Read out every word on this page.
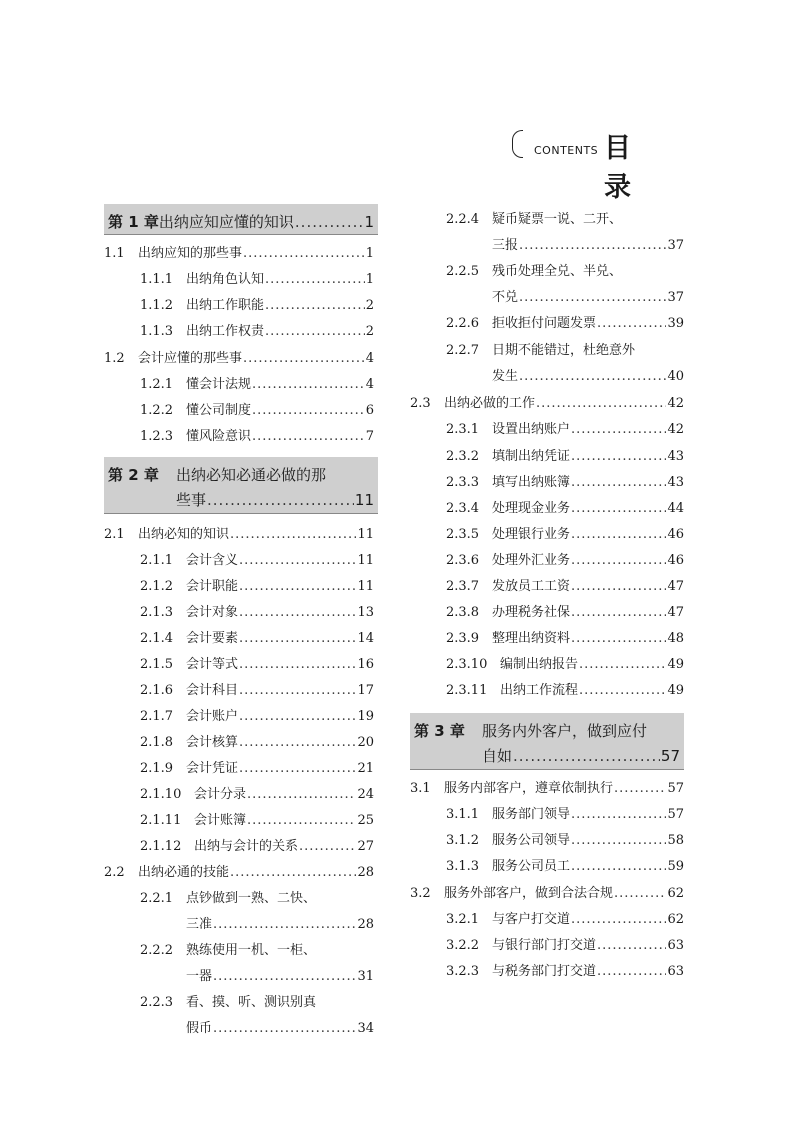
CONTENTS 目 录
第 1 章 出纳应知应懂的知识 .....	1
1.1	出纳应知的那些事 .....	1
1.1.1 出纳角色认知 .....	1
1.1.2 出纳工作职能 .....	2
1.1.3 出纳工作权责 .....	2
1.2	会计应懂的那些事 .....	4
1.2.1 懂会计法规 .....	4
1.2.2 懂公司制度 .....	6
1.2.3 懂风险意识 .....	7
第 2 章	出纳必知必通必做的那
些事 .....	11
2.1	出纳必知的知识 .....	11
2.1.1 会计含义 .....	11
2.1.2 会计职能 .....	11
2.1.3 会计对象 .....	13
2.1.4 会计要素 .....	14
2.1.5 会计等式 .....	16
2.1.6 会计科目 .....	17
2.1.7 会计账户 .....	19
2.1.8 会计核算 .....	20
2.1.9 会计凭证 .....	21
2.1.10 会计分录 .....	24
2.1.11 会计账簿 .....	25
2.1.12 出纳与会计的关系 .....	27
2.2	出纳必通的技能 .....	28
2.2.1 点钞做到一熟、二快、
三准 .....	28
2.2.2 熟练使用一机、一柜、
一器 .....	31
2.2.3 看、摸、听、测识别真
假币 .....	34
2.2.4 疑币疑票一说、二开、
三报 .....	37
2.2.5 残币处理全兑、半兑、
不兑 .....	37
2.2.6 拒收拒付问题发票 .....	39
2.2.7 日期不能错过，杜绝意外
发生 .....	40
2.3	出纳必做的工作 .....	42
2.3.1 设置出纳账户 .....	42
2.3.2 填制出纳凭证 .....	43
2.3.3 填写出纳账簿 .....	43
2.3.4 处理现金业务 .....	44
2.3.5 处理银行业务 .....	46
2.3.6 处理外汇业务 .....	46
2.3.7 发放员工工资 .....	47
2.3.8 办理税务社保 .....	47
2.3.9 整理出纳资料 .....	48
2.3.10 编制出纳报告 .....	49
2.3.11 出纳工作流程 .....	49
第 3 章	服务内外客户，做到应付
自如 .....	57
3.1	服务内部客户，遵章依制执行 .....	57
3.1.1 服务部门领导 .....	57
3.1.2 服务公司领导 .....	58
3.1.3 服务公司员工 .....	59
3.2	服务外部客户，做到合法合规 .....	62
3.2.1 与客户打交道 .....	62
3.2.2 与银行部门打交道 .....	63
3.2.3 与税务部门打交道 .....	63
